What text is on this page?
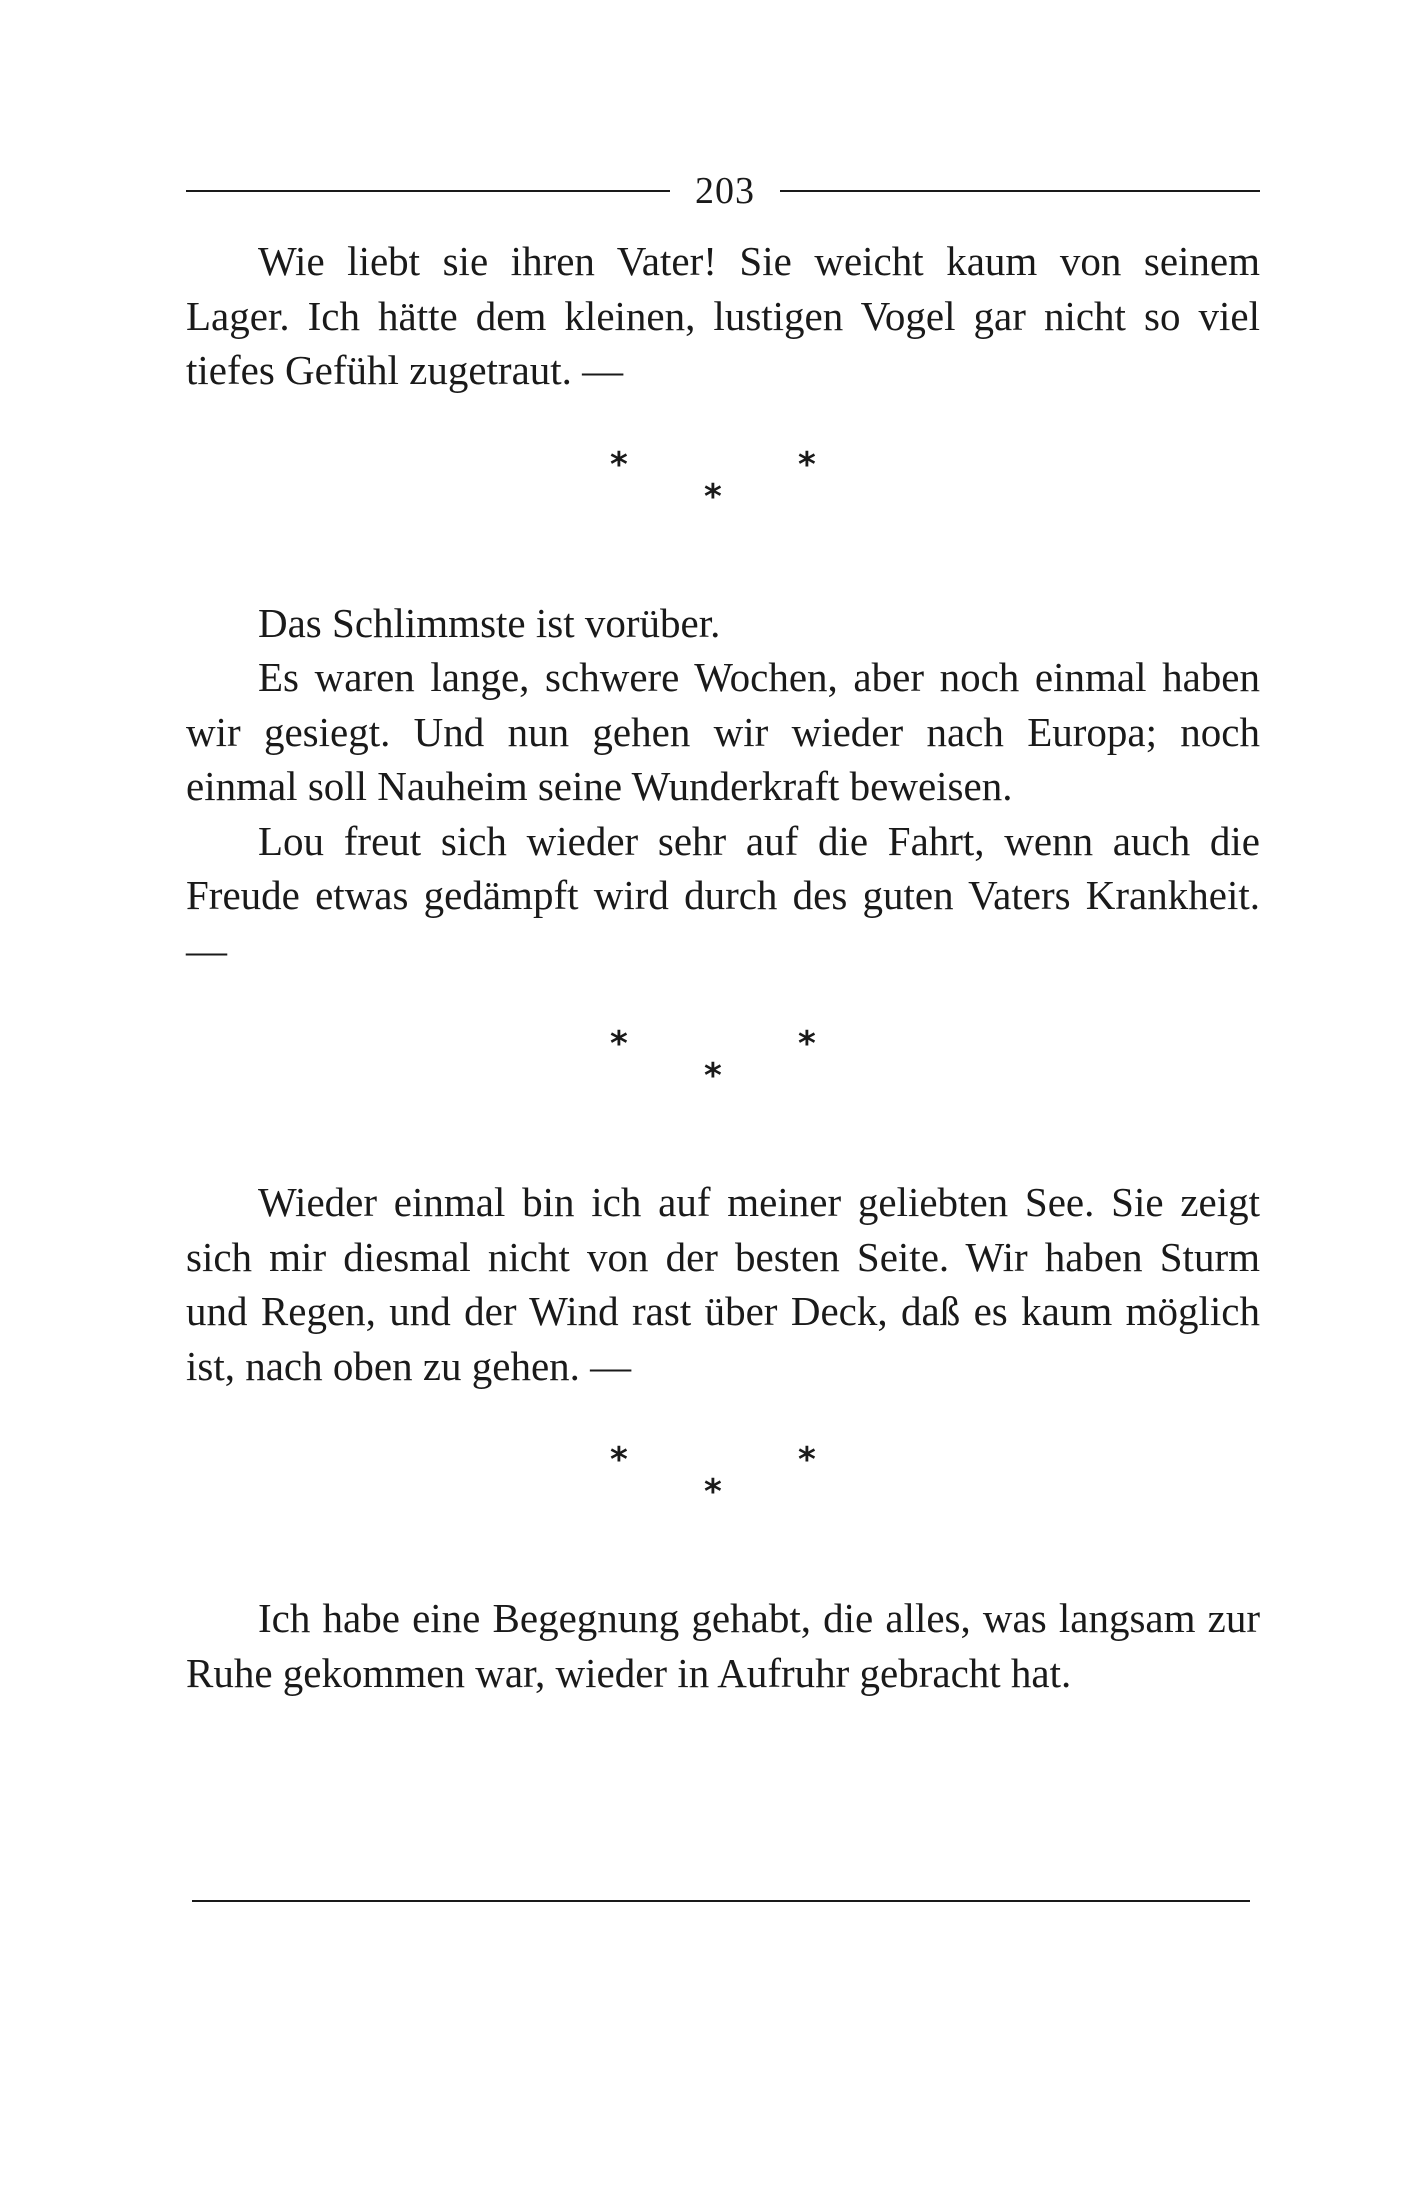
203

Wie liebt sie ihren Vater! Sie weicht kaum von seinem Lager. Ich hätte dem kleinen, lustigen Vogel gar nicht so viel tiefes Gefühl zugetraut. —

*	*
*

Das Schlimmste ist vorüber.

Es waren lange, schwere Wochen, aber noch einmal haben wir gesiegt. Und nun gehen wir wieder nach Europa; noch einmal soll Nauheim seine Wunderkraft beweisen.

Lou freut sich wieder sehr auf die Fahrt, wenn auch die Freude etwas gedämpft wird durch des guten Vaters Krankheit. —

*	*
*

Wieder einmal bin ich auf meiner geliebten See. Sie zeigt sich mir diesmal nicht von der besten Seite. Wir haben Sturm und Regen, und der Wind rast über Deck, daß es kaum möglich ist, nach oben zu gehen. —

*	*
*

Ich habe eine Begegnung gehabt, die alles, was langsam zur Ruhe gekommen war, wieder in Aufruhr gebracht hat.
